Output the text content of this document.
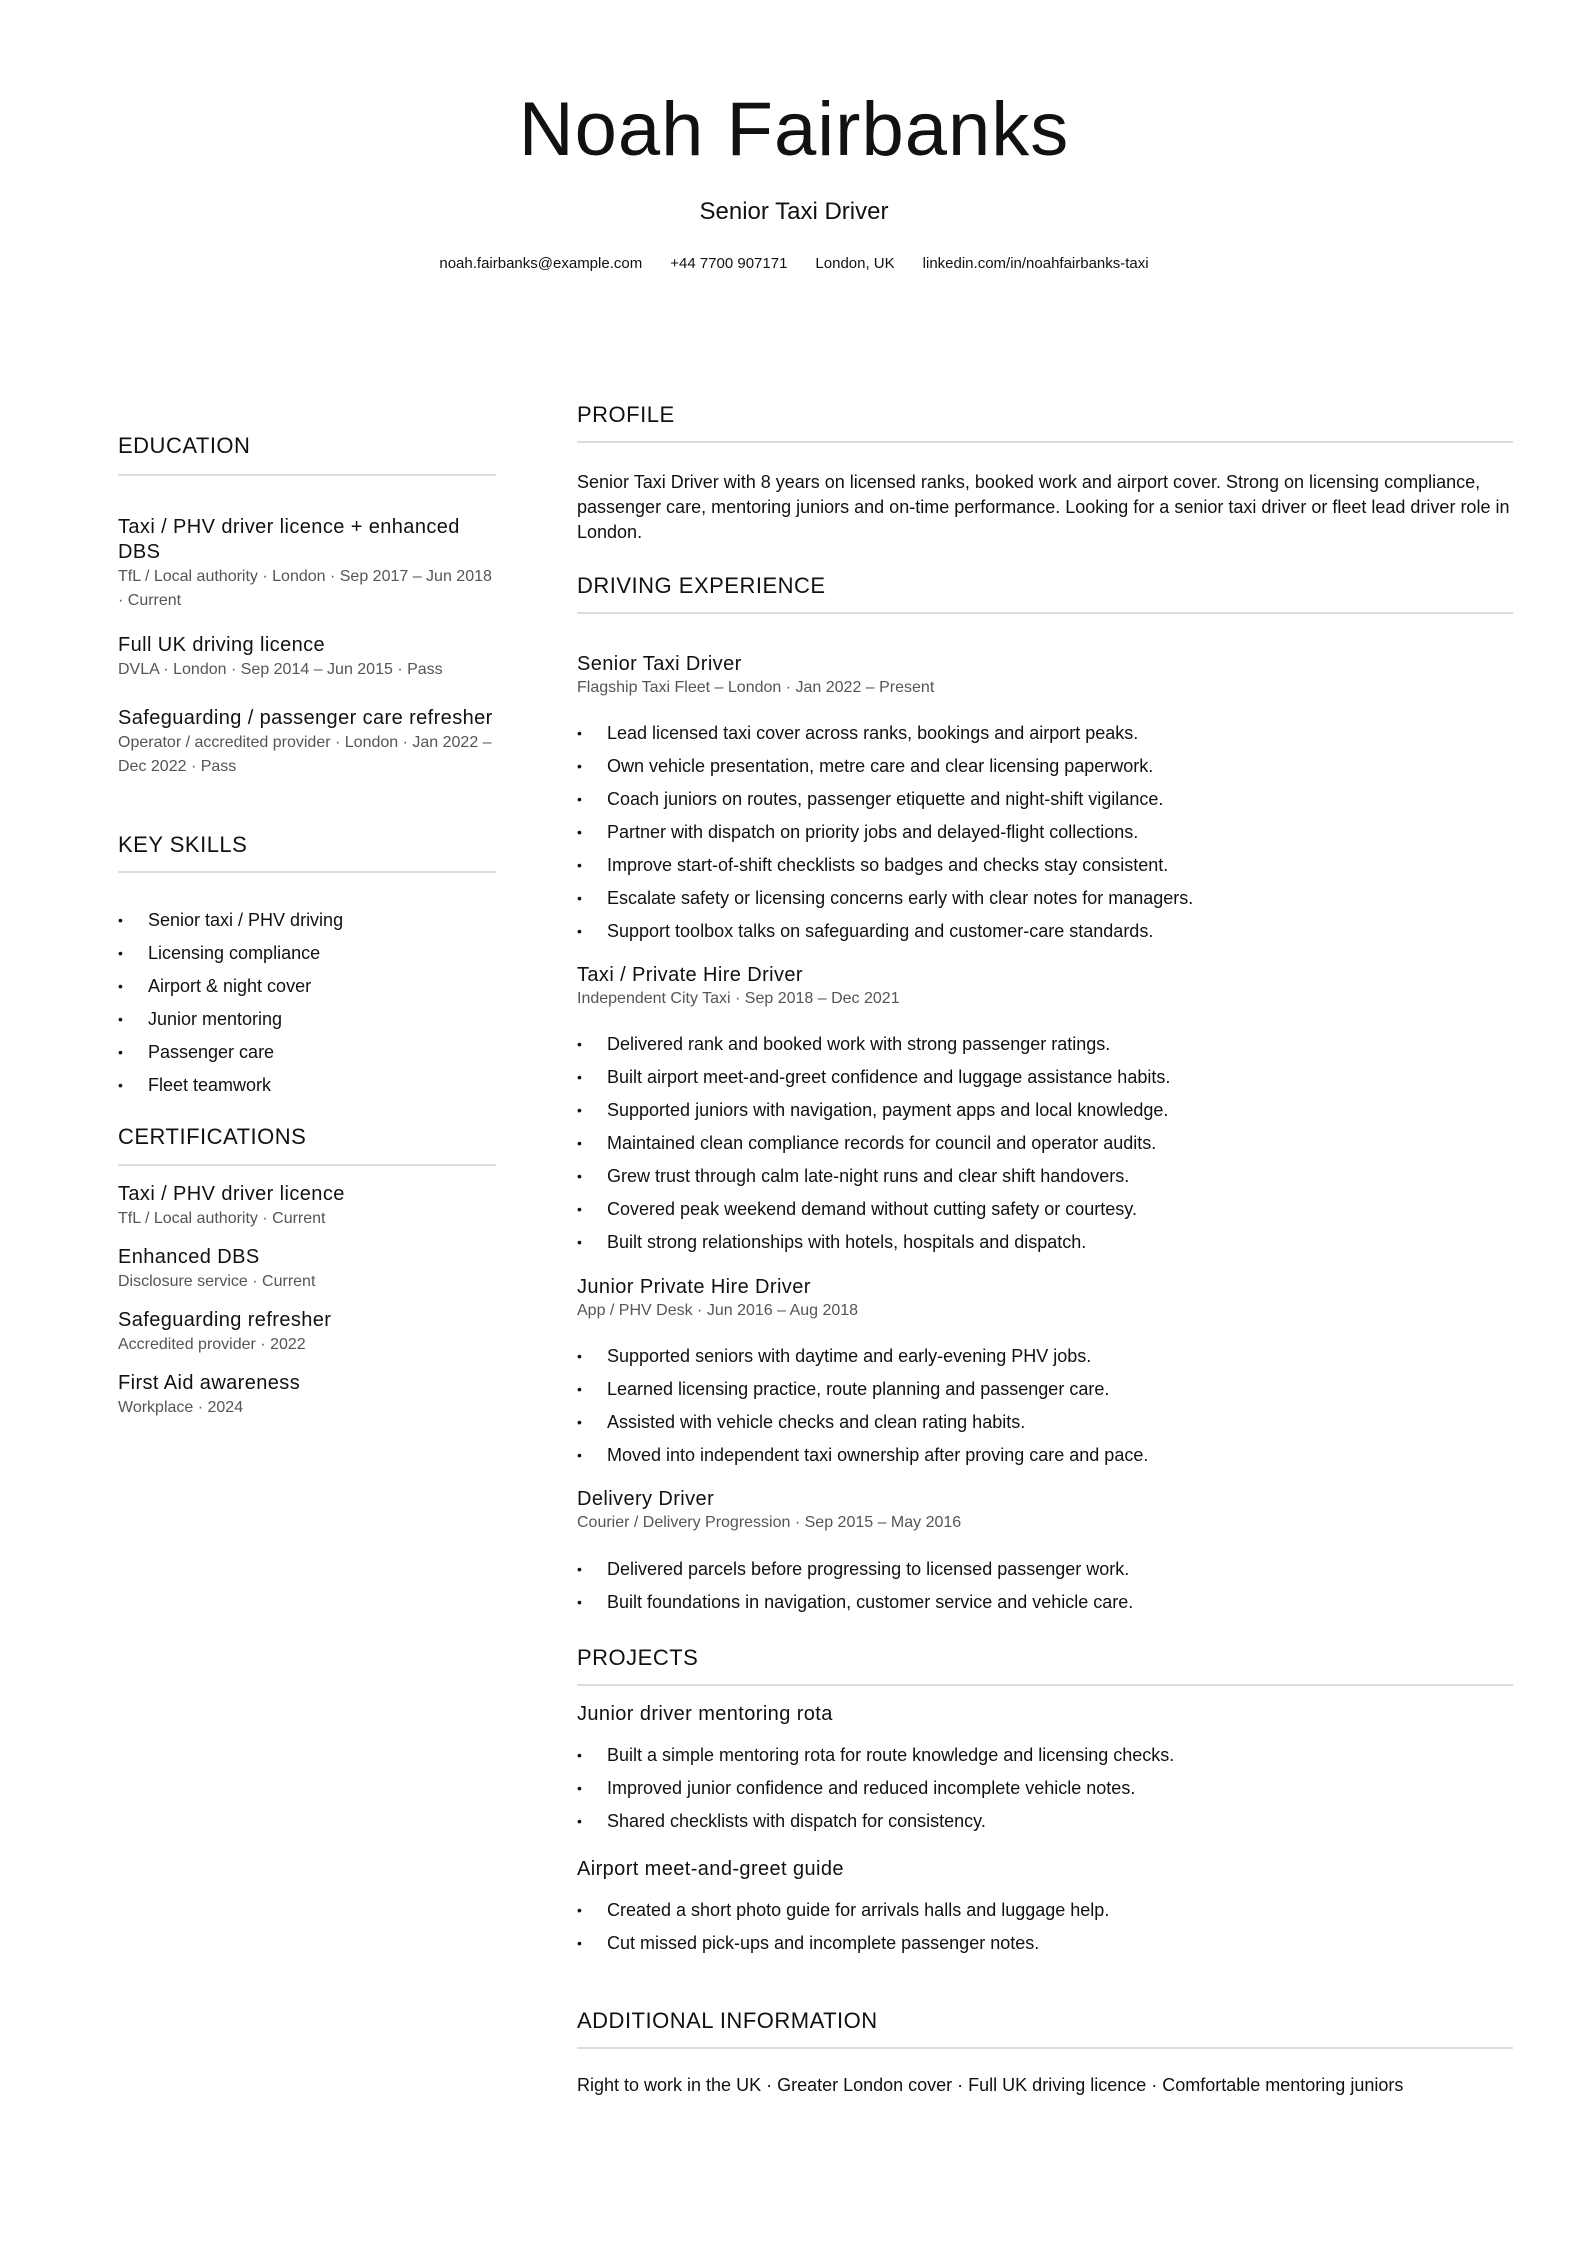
Noah Fairbanks
Senior Taxi Driver
noah.fairbanks@example.com +44 7700 907171 London, UK linkedin.com/in/noahfairbanks-taxi
EDUCATION
Taxi / PHV driver licence + enhanced DBS
TfL / Local authority · London · Sep 2017 – Jun 2018 · Current
Full UK driving licence
DVLA · London · Sep 2014 – Jun 2015 · Pass
Safeguarding / passenger care refresher
Operator / accredited provider · London · Jan 2022 – Dec 2022 · Pass
KEY SKILLS
• Senior taxi / PHV driving
• Licensing compliance
• Airport & night cover
• Junior mentoring
• Passenger care
• Fleet teamwork
CERTIFICATIONS
Taxi / PHV driver licence
TfL / Local authority · Current
Enhanced DBS
Disclosure service · Current
Safeguarding refresher
Accredited provider · 2022
First Aid awareness
Workplace · 2024
PROFILE
Senior Taxi Driver with 8 years on licensed ranks, booked work and airport cover. Strong on licensing compliance, passenger care, mentoring juniors and on-time performance. Looking for a senior taxi driver or fleet lead driver role in London.
DRIVING EXPERIENCE
Senior Taxi Driver
Flagship Taxi Fleet – London · Jan 2022 – Present
• Lead licensed taxi cover across ranks, bookings and airport peaks.
• Own vehicle presentation, metre care and clear licensing paperwork.
• Coach juniors on routes, passenger etiquette and night-shift vigilance.
• Partner with dispatch on priority jobs and delayed-flight collections.
• Improve start-of-shift checklists so badges and checks stay consistent.
• Escalate safety or licensing concerns early with clear notes for managers.
• Support toolbox talks on safeguarding and customer-care standards.
Taxi / Private Hire Driver
Independent City Taxi · Sep 2018 – Dec 2021
• Delivered rank and booked work with strong passenger ratings.
• Built airport meet-and-greet confidence and luggage assistance habits.
• Supported juniors with navigation, payment apps and local knowledge.
• Maintained clean compliance records for council and operator audits.
• Grew trust through calm late-night runs and clear shift handovers.
• Covered peak weekend demand without cutting safety or courtesy.
• Built strong relationships with hotels, hospitals and dispatch.
Junior Private Hire Driver
App / PHV Desk · Jun 2016 – Aug 2018
• Supported seniors with daytime and early-evening PHV jobs.
• Learned licensing practice, route planning and passenger care.
• Assisted with vehicle checks and clean rating habits.
• Moved into independent taxi ownership after proving care and pace.
Delivery Driver
Courier / Delivery Progression · Sep 2015 – May 2016
• Delivered parcels before progressing to licensed passenger work.
• Built foundations in navigation, customer service and vehicle care.
PROJECTS
Junior driver mentoring rota
• Built a simple mentoring rota for route knowledge and licensing checks.
• Improved junior confidence and reduced incomplete vehicle notes.
• Shared checklists with dispatch for consistency.
Airport meet-and-greet guide
• Created a short photo guide for arrivals halls and luggage help.
• Cut missed pick-ups and incomplete passenger notes.
ADDITIONAL INFORMATION
Right to work in the UK · Greater London cover · Full UK driving licence · Comfortable mentoring juniors
